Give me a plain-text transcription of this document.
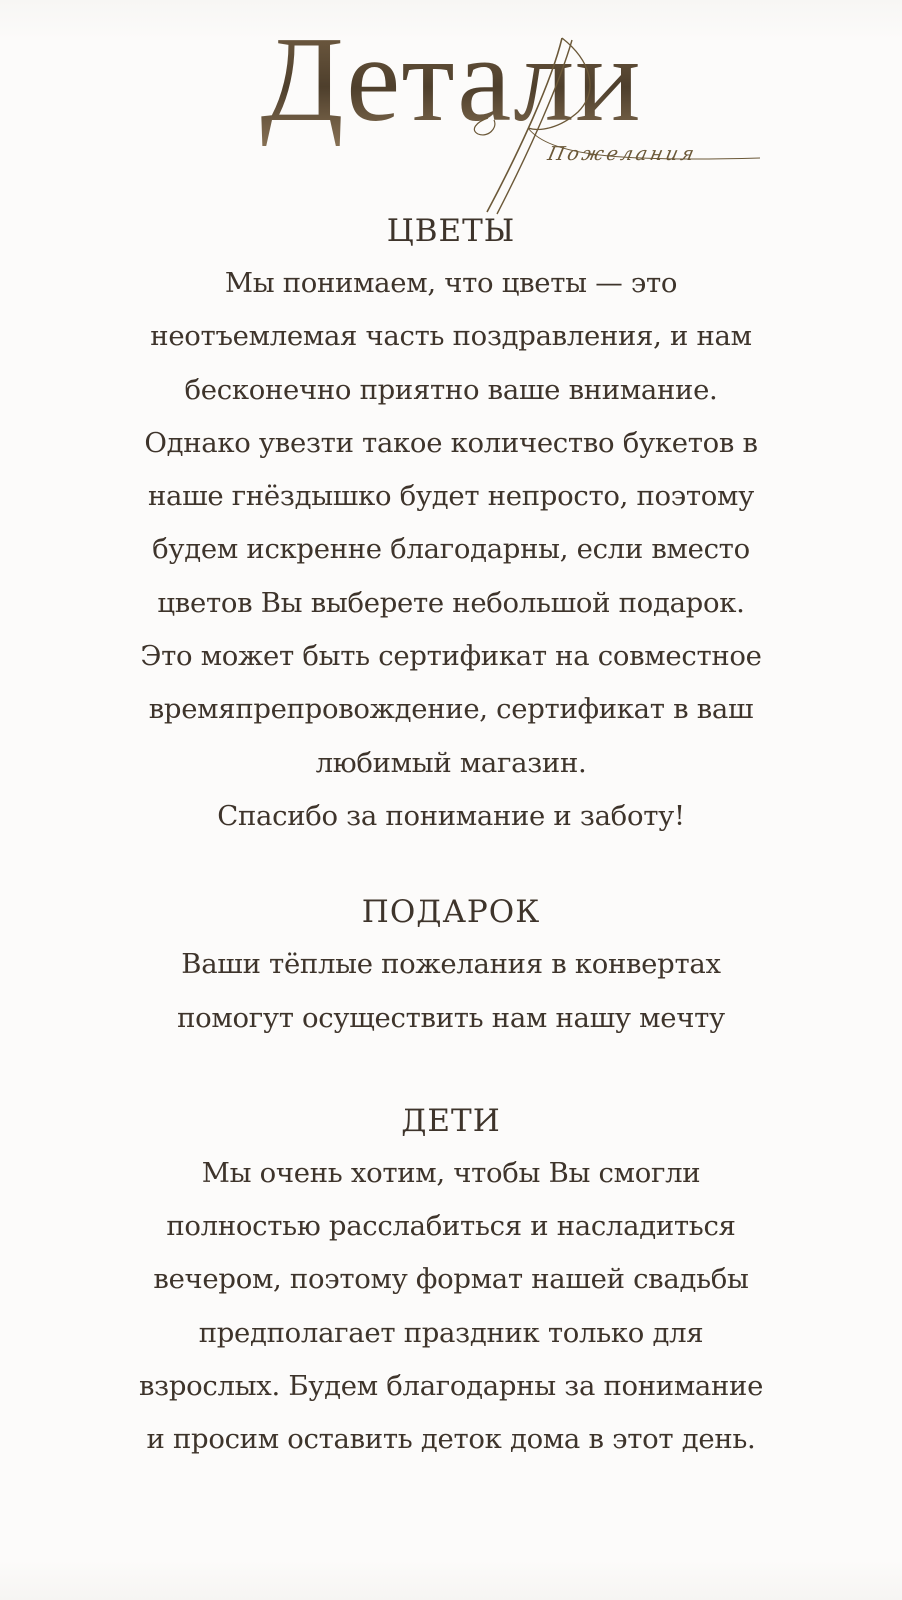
Детали
Пожелания
ЦВЕТЫ

Мы понимаем, что цветы — это

неотъемлемая часть поздравления, и нам

бесконечно приятно ваше внимание.

Однако увезти такое количество букетов в

наше гнёздышко будет непросто, поэтому

будем искренне благодарны, если вместо

цветов Вы выберете небольшой подарок.

Это может быть сертификат на совместное

времяпрепровождение, сертификат в ваш

любимый магазин.

Спасибо за понимание и заботу!

ПОДАРОК

Ваши тёплые пожелания в конвертах

помогут осуществить нам нашу мечту

ДЕТИ

Мы очень хотим, чтобы Вы смогли

полностью расслабиться и насладиться

вечером, поэтому формат нашей свадьбы

предполагает праздник только для

взрослых. Будем благодарны за понимание

и просим оставить деток дома в этот день.
